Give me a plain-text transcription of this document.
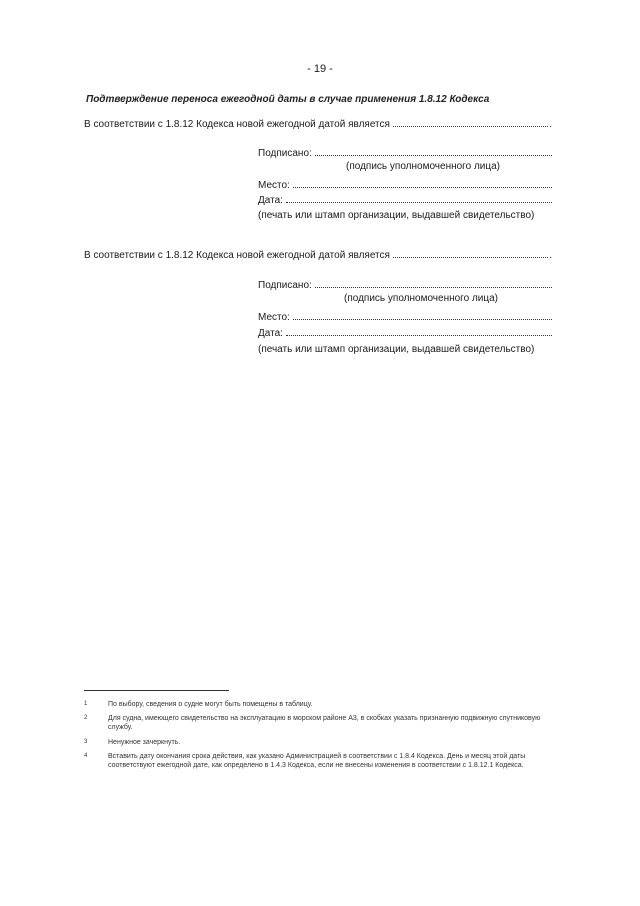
- 19 -
Подтверждение переноса ежегодной даты в случае применения 1.8.12 Кодекса
В соответствии с 1.8.12 Кодекса новой ежегодной датой является	.
Подписано:
(подпись уполномоченного лица)
Место:
Дата:
(печать или штамп организации, выдавшей свидетельство)
В соответствии с 1.8.12 Кодекса новой ежегодной датой является	.
Подписано:
(подпись уполномоченного лица)
Место:
Дата:
(печать или штамп организации, выдавшей свидетельство)
1	По выбору, сведения о судне могут быть помещены в таблицу.
2	Для судна, имеющего свидетельство на эксплуатацию в морском районе А3, в скобках указать признанную подвижную спутниковую службу.
3	Ненужное зачеркнуть.
4	Вставить дату окончания срока действия, как указано Администрацией в соответствии с 1.8.4 Кодекса. День и месяц этой даты соответствуют ежегодной дате, как определено в 1.4.3 Кодекса, если не внесены изменения в соответствии с 1.8.12.1 Кодекса.
